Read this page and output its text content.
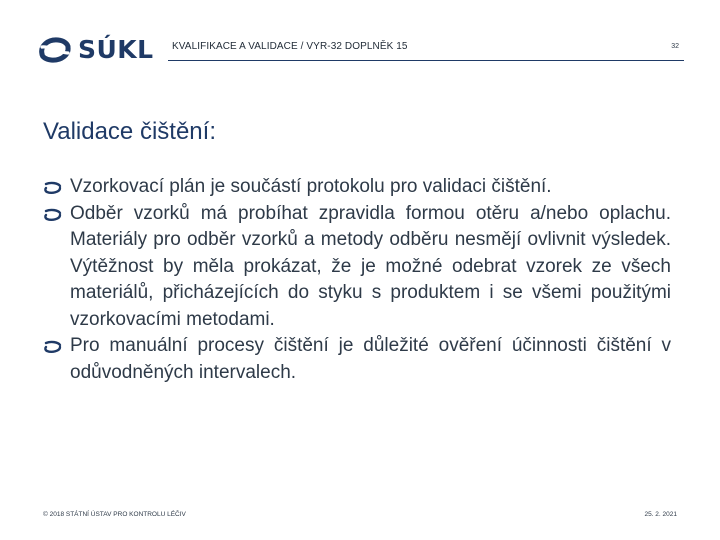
SÚKL KVALIFIKACE A VALIDACE / VYR-32 DOPLNĚK 15	32
Validace čištění:

Vzorkovací plán je součástí protokolu pro validaci čištění.

Odběr vzorků má probíhat zpravidla formou otěru a/nebo oplachu. Materiály pro odběr vzorků a metody odběru nesmějí ovlivnit výsledek. Výtěžnost by měla prokázat, že je možné odebrat vzorek ze všech materiálů, přicházejících do styku s produktem i se všemi použitými vzorkovacími metodami.

Pro manuální procesy čištění je důležité ověření účinnosti čištění v odůvodněných intervalech.

© 2018 STÁTNÍ ÚSTAV PRO KONTROLU LÉČIV	25. 2. 2021
